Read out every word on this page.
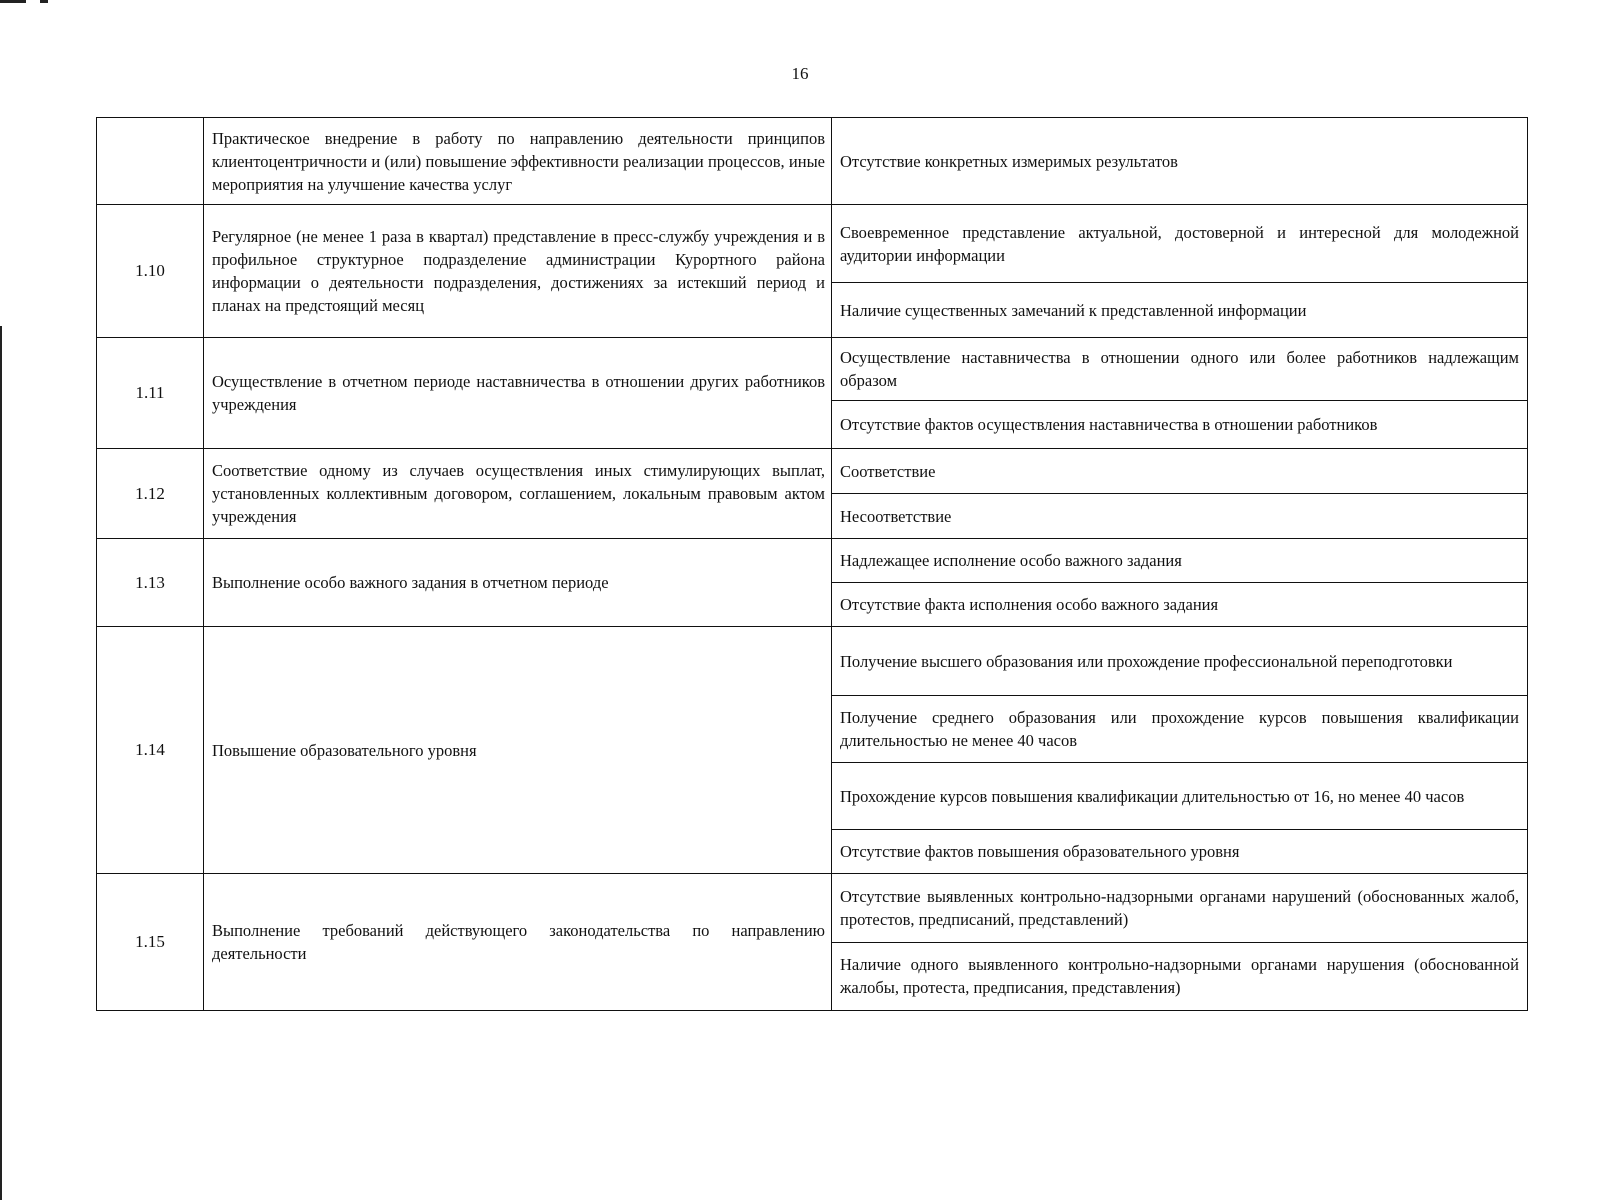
16
Практическое внедрение в работу по направлению деятельности принципов клиентоцентричности и (или) повышение эффективности реализации процессов, иные мероприятия на улучшение качества услуг
Отсутствие конкретных измеримых результатов
1.10
Регулярное (не менее 1 раза в квартал) представление в пресс-службу учреждения и в профильное структурное подразделение администрации Курортного района информации о деятельности подразделения, достижениях за истекший период и планах на предстоящий месяц
Своевременное представление актуальной, достоверной и интересной для молодежной аудитории информации
Наличие существенных замечаний к представленной информации
1.11
Осуществление в отчетном периоде наставничества в отношении других работников учреждения
Осуществление наставничества в отношении одного или более работников надлежащим образом
Отсутствие фактов осуществления наставничества в отношении работников
1.12
Соответствие одному из случаев осуществления иных стимулирующих выплат, установленных коллективным договором, соглашением, локальным правовым актом учреждения
Соответствие
Несоответствие
1.13	Выполнение особо важного задания в отчетном периоде
Надлежащее исполнение особо важного задания
Отсутствие факта исполнения особо важного задания
1.14	Повышение образовательного уровня
Получение высшего образования или прохождение профессиональной переподготовки
Получение среднего образования или прохождение курсов повышения квалификации длительностью не менее 40 часов
Прохождение курсов повышения квалификации длительностью от 16, но менее 40 часов
Отсутствие фактов повышения образовательного уровня
1.15
Выполнение требований действующего законодательства по направлению деятельности
Отсутствие выявленных контрольно-надзорными органами нарушений (обоснованных жалоб, протестов, предписаний, представлений)
Наличие одного выявленного контрольно-надзорными органами нарушения (обоснованной жалобы, протеста, предписания, представления)
